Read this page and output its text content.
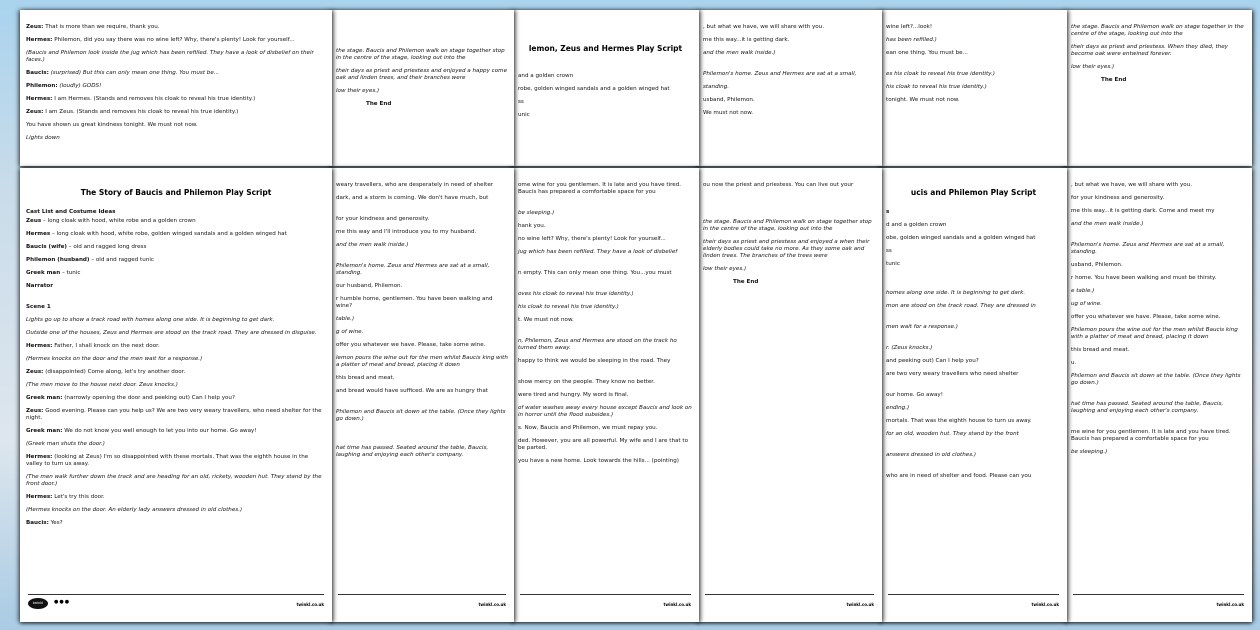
Zeus: That is more than we require, thank you.
Hermes: Philemon, did you say there was no wine left? Why, there's plenty! Look for yourself...
(Baucis and Philemon look inside the jug which has been refilled. They have a look of disbelief on their faces.)
Baucis: (surprised) But this can only mean one thing. You must be...
Philemon: (loudly) GODS!
Hermes: I am Hermes. (Stands and removes his cloak to reveal his true identity.)
Zeus: I am Zeus. (Stands and removes his cloak to reveal his true identity.)
You have shown us great kindness tonight. We must not now.
Lights down
the stage. Baucis and Philemon walk on stage together stop in the centre of the stage, looking out into the
their days as priest and priestess and enjoyed a happy come oak and linden trees, and their branches were
low their eyes.)
The End
lemon, Zeus and Hermes Play Script
and a golden crown
robe, golden winged sandals and a golden winged hat
ss
unic
, but what we have, we will share with you.
me this way...it is getting dark.
and the men walk inside.)
Philemon's home. Zeus and Hermes are sat at a small,
standing.
usband, Philemon.
We must not now.
wine left?...look!
has been refilled.)
ean one thing. You must be...
es his cloak to reveal his true identity.)
his cloak to reveal his true identity.)
tonight. We must not now.
the stage. Baucis and Philemon walk on stage together in the centre of the stage, looking out into the
their days as priest and priestess. When they died, they become oak were entwined forever.
low their eyes.)
The End
The Story of Baucis and Philemon Play Script
Cast List and Costume Ideas
Zeus – long cloak with hood, white robe and a golden crown
Hermes – long cloak with hood, white robe, golden winged sandals and a golden winged hat
Baucis (wife) – old and ragged long dress
Philemon (husband) – old and ragged tunic
Greek man – tunic
Narrator
Scene 1
Lights go up to show a track road with homes along one side. It is beginning to get dark.
Outside one of the houses, Zeus and Hermes are stood on the track road. They are dressed in disguise.
Hermes: Father, I shall knock on the next door.
(Hermes knocks on the door and the men wait for a response.)
Zeus: (disappointed) Come along, let's try another door.
(The men move to the house next door. Zeus knocks.)
Greek man: (narrowly opening the door and peeking out) Can I help you?
Zeus: Good evening. Please can you help us? We are two very weary travellers, who need shelter for the night.
Greek man: We do not know you well enough to let you into our home. Go away!
(Greek man shuts the door.)
Hermes: (looking at Zeus) I'm so disappointed with these mortals. That was the eighth house in the valley to turn us away.
(The men walk further down the track and are heading for an old, rickety, wooden hut. They stand by the front door.)
Hermes: Let's try this door.
(Hermes knocks on the door. An elderly lady answers dressed in old clothes.)
Baucis: Yes?
twinkl	●●●	twinkl.co.uk
weary travellers, who are desperately in need of shelter
dark, and a storm is coming. We don't have much, but
for your kindness and generosity.
me this way and I'll introduce you to my husband.
and the men walk inside.)
Philemon's home. Zeus and Hermes are sat at a small, standing.
our husband, Philemon.
r humble home, gentlemen. You have been walking and wine?
table.)
g of wine.
offer you whatever we have. Please, take some wine.
lemon pours the wine out for the men whilst Baucis king with a platter of meat and bread, placing it down
this bread and meat.
and bread would have sufficed. We are as hungry that
Philemon and Baucis sit down at the table. (Once they lights go down.)
hat time has passed. Seated around the table, Baucis, laughing and enjoying each other's company.
twinkl.co.uk
ome wine for you gentlemen. It is late and you have tired. Baucis has prepared a comfortable space for you
be sleeping.)
hank you.
no wine left? Why, there's plenty! Look for yourself...
jug which has been refilled. They have a look of disbelief
n empty. This can only mean one thing. You...you must
oves his cloak to reveal his true identity.)
his cloak to reveal his true identity.)
t. We must not now.
n, Philemon, Zeus and Hermes are stood on the track ho turned them away.
happy to think we would be sleeping in the road. They
show mercy on the people. They know no better.
were tired and hungry. My word is final.
of water washes away every house except Baucis and look on in horror until the flood subsides.)
s. Now, Baucis and Philemon, we must repay you.
ded. However, you are all powerful. My wife and I are that to be parted.
you have a new home. Look towards the hills... (pointing)
twinkl.co.uk
ou now the priest and priestess. You can live out your
the stage. Baucis and Philemon walk on stage together stop in the centre of the stage, looking out into the
their days as priest and priestess and enjoyed a when their elderly bodies could take no more. As they some oak and linden trees. The branches of the trees were
low their eyes.)
The End
twinkl.co.uk
ucis and Philemon Play Script
s
d and a golden crown
obe, golden winged sandals and a golden winged hat
ss
tunic
homes along one side. It is beginning to get dark.
mon are stood on the track road. They are dressed in
men wait for a response.)
r. (Zeus knocks.)
and peeking out) Can I help you?
are two very weary travellers who need shelter
our home. Go away!
ending.)
mortals. That was the eighth house to turn us away.
for an old, wooden hut. They stand by the front
answers dressed in old clothes.)
who are in need of shelter and food. Please can you
twinkl.co.uk
, but what we have, we will share with you.
for your kindness and generosity.
me this way...it is getting dark. Come and meet my
and the men walk inside.)
Philemon's home. Zeus and Hermes are sat at a small, standing.
usband, Philemon.
r home. You have been walking and must be thirsty.
e table.)
ug of wine.
offer you whatever we have. Please, take some wine.
Philemon pours the wine out for the men whilst Baucis king with a platter of meat and bread, placing it down
this bread and meat.
u.
Philemon and Baucis sit down at the table. (Once they lights go down.)
hat time has passed. Seated around the table, Baucis, laughing and enjoying each other's company.
me wine for you gentlemen. It is late and you have tired. Baucis has prepared a comfortable space for you
be sleeping.)
twinkl.co.uk
